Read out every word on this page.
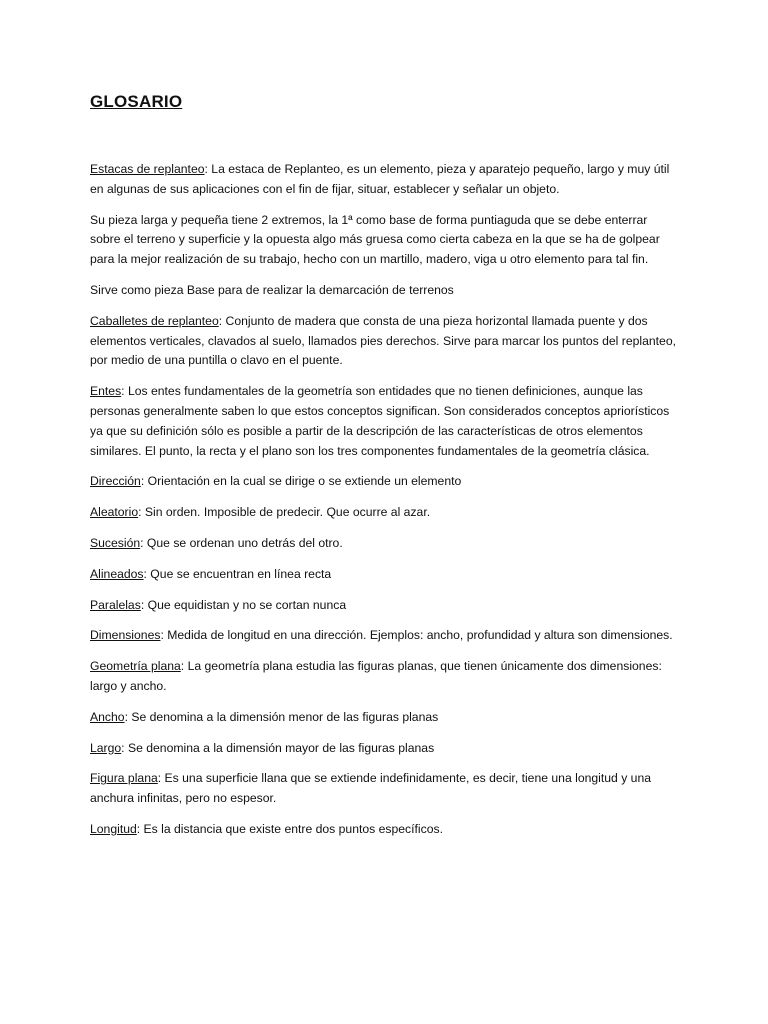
GLOSARIO

Estacas de replanteo: La estaca de Replanteo, es un elemento, pieza y aparatejo pequeño, largo y muy útil en algunas de sus aplicaciones con el fin de fijar, situar, establecer y señalar un objeto.

Su pieza larga y pequeña tiene 2 extremos, la 1ª como base de forma puntiaguda que se debe enterrar sobre el terreno y superficie y la opuesta algo más gruesa como cierta cabeza en la que se ha de golpear para la mejor realización de su trabajo, hecho con un martillo, madero, viga u otro elemento para tal fin.

Sirve como pieza Base para de realizar la demarcación de terrenos

Caballetes de replanteo: Conjunto de madera que consta de una pieza horizontal llamada puente y dos elementos verticales, clavados al suelo, llamados pies derechos. Sirve para marcar los puntos del replanteo, por medio de una puntilla o clavo en el puente.

Entes: Los entes fundamentales de la geometría son entidades que no tienen definiciones, aunque las personas generalmente saben lo que estos conceptos significan. Son considerados conceptos apriorísticos ya que su definición sólo es posible a partir de la descripción de las características de otros elementos similares. El punto, la recta y el plano son los tres componentes fundamentales de la geometría clásica.

Dirección: Orientación en la cual se dirige o se extiende un elemento

Aleatorio: Sin orden. Imposible de predecir. Que ocurre al azar.

Sucesión: Que se ordenan uno detrás del otro.

Alineados: Que se encuentran en línea recta

Paralelas: Que equidistan y no se cortan nunca

Dimensiones: Medida de longitud en una dirección. Ejemplos: ancho, profundidad y altura son dimensiones.

Geometría plana: La geometría plana estudia las figuras planas, que tienen únicamente dos dimensiones: largo y ancho.

Ancho: Se denomina a la dimensión menor de las figuras planas

Largo: Se denomina a la dimensión mayor de las figuras planas

Figura plana: Es una superficie llana que se extiende indefinidamente, es decir, tiene una longitud y una anchura infinitas, pero no espesor.

Longitud: Es la distancia que existe entre dos puntos específicos.
